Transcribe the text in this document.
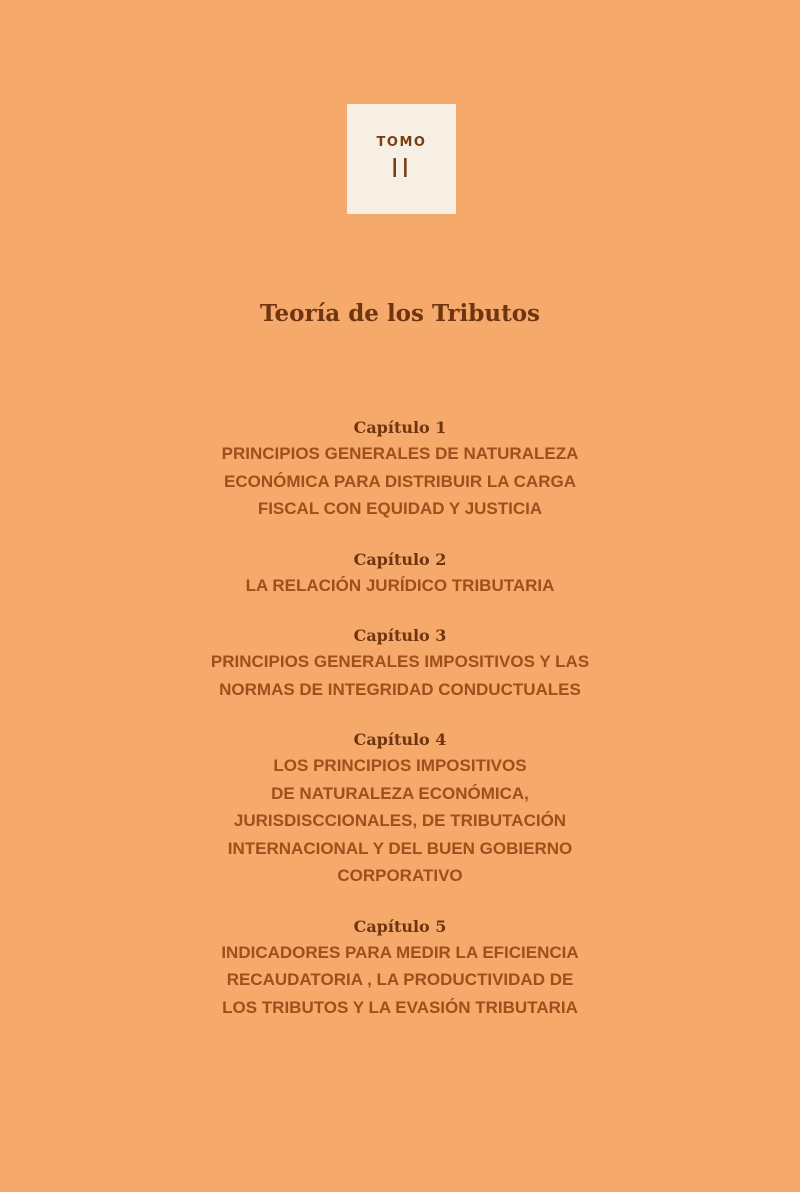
TOMO
II
Teoría de los Tributos
Capítulo 1
PRINCIPIOS GENERALES DE NATURALEZA
ECONÓMICA PARA DISTRIBUIR LA CARGA
FISCAL CON EQUIDAD Y JUSTICIA
Capítulo 2
LA RELACIÓN JURÍDICO TRIBUTARIA
Capítulo 3
PRINCIPIOS GENERALES IMPOSITIVOS Y LAS
NORMAS DE INTEGRIDAD CONDUCTUALES
Capítulo 4
LOS PRINCIPIOS IMPOSITIVOS
DE NATURALEZA ECONÓMICA,
JURISDISCCIONALES, DE TRIBUTACIÓN
INTERNACIONAL Y DEL BUEN GOBIERNO
CORPORATIVO
Capítulo 5
INDICADORES PARA MEDIR LA EFICIENCIA
RECAUDATORIA , LA PRODUCTIVIDAD DE
LOS TRIBUTOS Y LA EVASIÓN TRIBUTARIA
